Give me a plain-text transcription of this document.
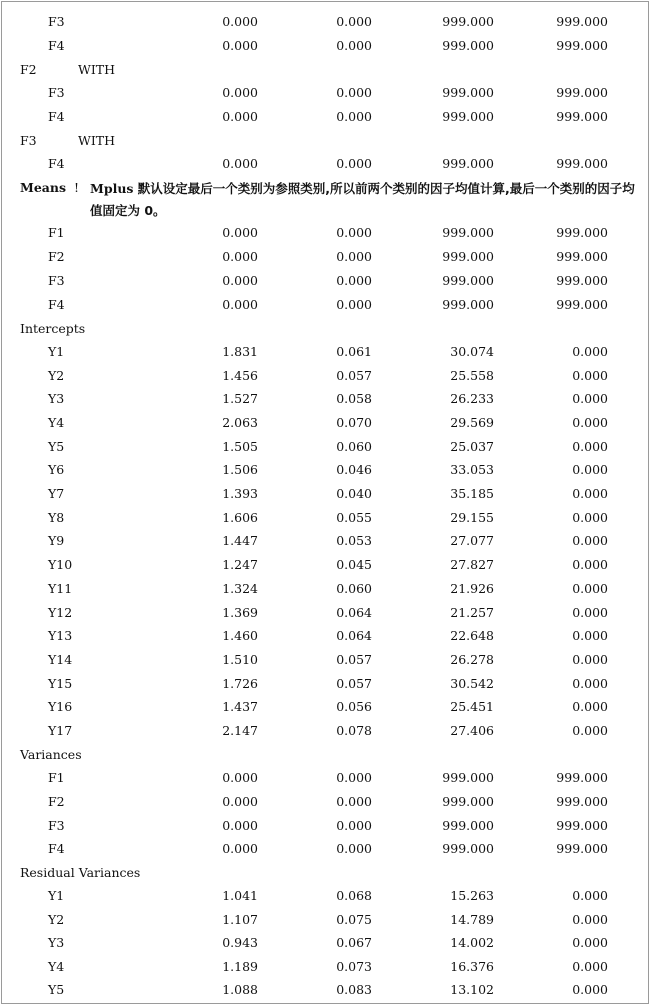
F3	0.000	0.000	999.000	999.000
F4	0.000	0.000	999.000	999.000
F2	WITH
F3	0.000	0.000	999.000	999.000
F4	0.000	0.000	999.000	999.000
F3	WITH
F4	0.000	0.000	999.000	999.000
Means ! Mplus 默认设定最后一个类别为参照类别,所以前两个类别的因子均值计算,最后一个类别的因子均值固定为 0。
F1	0.000	0.000	999.000	999.000
F2	0.000	0.000	999.000	999.000
F3	0.000	0.000	999.000	999.000
F4	0.000	0.000	999.000	999.000
Intercepts
Y1	1.831	0.061	30.074	0.000
Y2	1.456	0.057	25.558	0.000
Y3	1.527	0.058	26.233	0.000
Y4	2.063	0.070	29.569	0.000
Y5	1.505	0.060	25.037	0.000
Y6	1.506	0.046	33.053	0.000
Y7	1.393	0.040	35.185	0.000
Y8	1.606	0.055	29.155	0.000
Y9	1.447	0.053	27.077	0.000
Y10	1.247	0.045	27.827	0.000
Y11	1.324	0.060	21.926	0.000
Y12	1.369	0.064	21.257	0.000
Y13	1.460	0.064	22.648	0.000
Y14	1.510	0.057	26.278	0.000
Y15	1.726	0.057	30.542	0.000
Y16	1.437	0.056	25.451	0.000
Y17	2.147	0.078	27.406	0.000
Variances
F1	0.000	0.000	999.000	999.000
F2	0.000	0.000	999.000	999.000
F3	0.000	0.000	999.000	999.000
F4	0.000	0.000	999.000	999.000
Residual Variances
Y1	1.041	0.068	15.263	0.000
Y2	1.107	0.075	14.789	0.000
Y3	0.943	0.067	14.002	0.000
Y4	1.189	0.073	16.376	0.000
Y5	1.088	0.083	13.102	0.000
